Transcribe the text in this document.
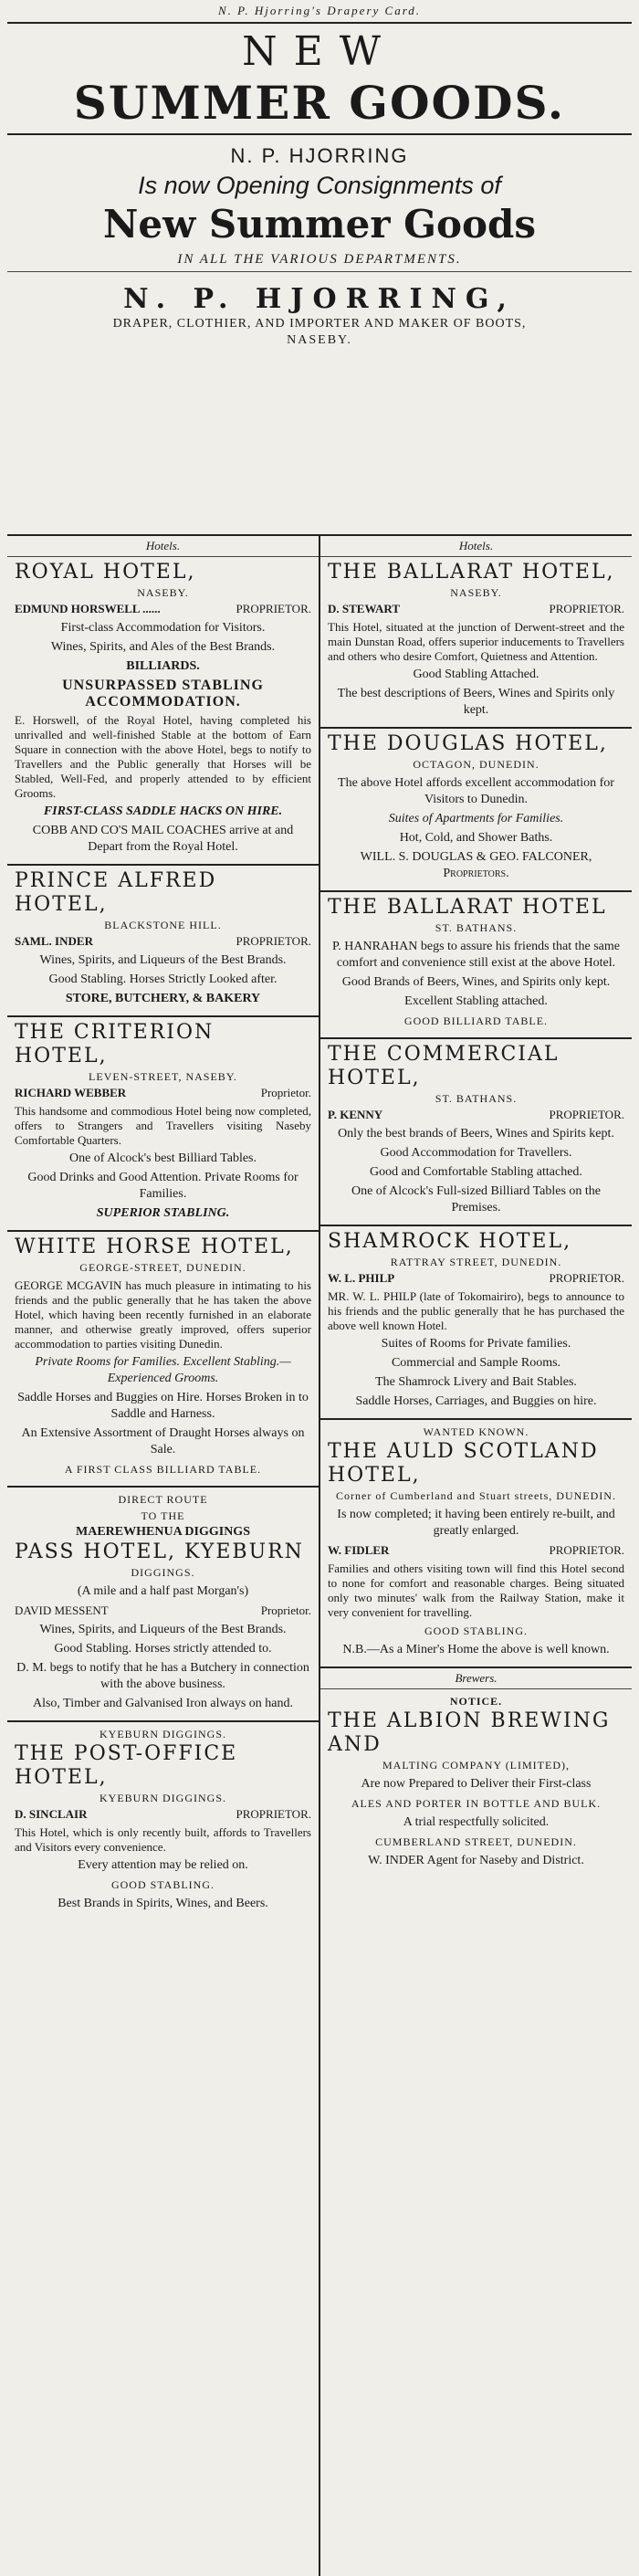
N. P. Hjorring's Drapery Card.
NEW
SUMMER GOODS.
N. P. HJORRING
Is now Opening Consignments of
New Summer Goods
IN ALL THE VARIOUS DEPARTMENTS.
N. P. HJORRING,
DRAPER, CLOTHIER, AND IMPORTER AND MAKER OF BOOTS,
NASEBY.
Hotels.
ROYAL HOTEL,
NASEBY.
EDMUND HORSWELL ......	PROPRIETOR.

First-class Accommodation for Visitors.

Wines, Spirits, and Ales of the Best Brands.

BILLIARDS.

UNSURPASSED STABLING ACCOMMODATION.

E. Horswell, of the Royal Hotel, having completed his unrivalled and well-finished Stable at the bottom of Earn Square in connection with the above Hotel, begs to notify to Travellers and the Public generally that Horses will be Stabled, Well-Fed, and properly attended to by efficient Grooms.

FIRST-CLASS SADDLE HACKS ON HIRE.

COBB AND CO'S MAIL COACHES arrive at and Depart from the Royal Hotel.

PRINCE ALFRED HOTEL,
BLACKSTONE HILL.
SAML. INDER	PROPRIETOR.

Wines, Spirits, and Liqueurs of the Best Brands.

Good Stabling. Horses Strictly Looked after.

STORE, BUTCHERY, & BAKERY

THE CRITERION HOTEL,
LEVEN-STREET, NASEBY.
RICHARD WEBBER	Proprietor.

This handsome and commodious Hotel being now completed, offers to Strangers and Travellers visiting Naseby Comfortable Quarters.

One of Alcock's best Billiard Tables.

Good Drinks and Good Attention. Private Rooms for Families.

SUPERIOR STABLING.

WHITE HORSE HOTEL,
GEORGE-STREET, DUNEDIN.

GEORGE MCGAVIN has much pleasure in intimating to his friends and the public generally that he has taken the above Hotel, which having been recently furnished in an elaborate manner, and otherwise greatly improved, offers superior accommodation to parties visiting Dunedin.

Private Rooms for Families. Excellent Stabling.—Experienced Grooms.

Saddle Horses and Buggies on Hire. Horses Broken in to Saddle and Harness.

An Extensive Assortment of Draught Horses always on Sale.

A FIRST CLASS BILLIARD TABLE.

DIRECT ROUTE
TO THE
MAEREWHENUA DIGGINGS
PASS HOTEL, KYEBURN
DIGGINGS.

(A mile and a half past Morgan's)

DAVID MESSENT	Proprietor.

Wines, Spirits, and Liqueurs of the Best Brands.

Good Stabling. Horses strictly attended to.

D. M. begs to notify that he has a Butchery in connection with the above business.

Also, Timber and Galvanised Iron always on hand.

KYEBURN DIGGINGS.
THE POST-OFFICE HOTEL,
KYEBURN DIGGINGS.
D. SINCLAIR	PROPRIETOR.

This Hotel, which is only recently built, affords to Travellers and Visitors every convenience.

Every attention may be relied on.

GOOD STABLING.

Best Brands in Spirits, Wines, and Beers.

Hotels.
THE BALLARAT HOTEL,
NASEBY.
D. STEWART	PROPRIETOR.

This Hotel, situated at the junction of Derwent-street and the main Dunstan Road, offers superior inducements to Travellers and others who desire Comfort, Quietness and Attention.

Good Stabling Attached.

The best descriptions of Beers, Wines and Spirits only kept.

THE DOUGLAS HOTEL,
OCTAGON, DUNEDIN.

The above Hotel affords excellent accommodation for Visitors to Dunedin.

Suites of Apartments for Families.

Hot, Cold, and Shower Baths.

WILL. S. DOUGLAS & GEO. FALCONER, Proprietors.

THE BALLARAT HOTEL
ST. BATHANS.

P. HANRAHAN begs to assure his friends that the same comfort and convenience still exist at the above Hotel.

Good Brands of Beers, Wines, and Spirits only kept.

Excellent Stabling attached.

GOOD BILLIARD TABLE.

THE COMMERCIAL HOTEL,
ST. BATHANS.
P. KENNY	PROPRIETOR.

Only the best brands of Beers, Wines and Spirits kept.

Good Accommodation for Travellers.

Good and Comfortable Stabling attached.

One of Alcock's Full-sized Billiard Tables on the Premises.

SHAMROCK HOTEL,
RATTRAY STREET, DUNEDIN.
W. L. PHILP	PROPRIETOR.

MR. W. L. PHILP (late of Tokomairiro), begs to announce to his friends and the public generally that he has purchased the above well known Hotel.

Suites of Rooms for Private families.

Commercial and Sample Rooms.

The Shamrock Livery and Bait Stables.

Saddle Horses, Carriages, and Buggies on hire.

WANTED KNOWN.
THE AULD SCOTLAND HOTEL,
Corner of Cumberland and Stuart streets, DUNEDIN.

Is now completed; it having been entirely re-built, and greatly enlarged.

W. FIDLER	PROPRIETOR.

Families and others visiting town will find this Hotel second to none for comfort and reasonable charges. Being situated only two minutes' walk from the Railway Station, make it very convenient for travelling.

GOOD STABLING.

N.B.—As a Miner's Home the above is well known.

Brewers.
NOTICE.
THE ALBION BREWING AND
MALTING COMPANY (LIMITED),

Are now Prepared to Deliver their First-class

ALES AND PORTER IN BOTTLE AND BULK.

A trial respectfully solicited.

CUMBERLAND STREET, DUNEDIN.

W. INDER Agent for Naseby and District.
